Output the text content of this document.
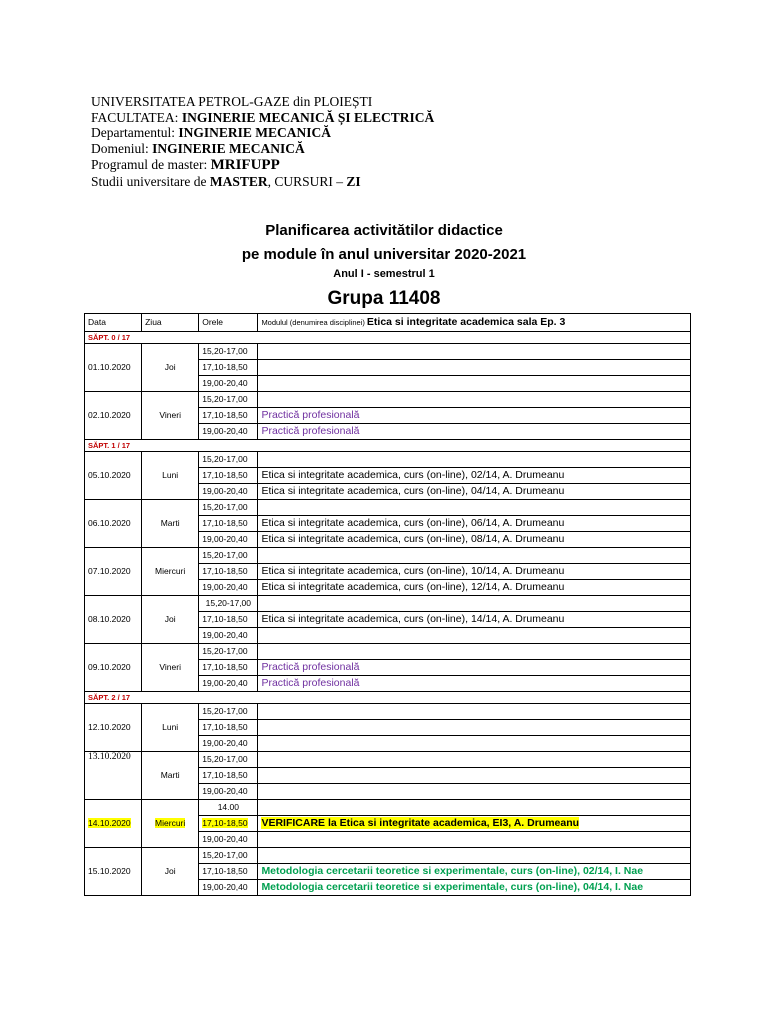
UNIVERSITATEA PETROL-GAZE din PLOIEȘTI
FACULTATEA: INGINERIE MECANICĂ ȘI ELECTRICĂ
Departamentul: INGINERIE MECANICĂ
Domeniul: INGINERIE MECANICĂ
Programul de master: MRIFUPP
Studii universitare de MASTER, CURSURI – ZI
Planificarea activitătilor didactice
pe module în anul universitar 2020-2021
Anul I - semestrul 1
Grupa 11408
Data	Ziua	Orele	Modulul (denumirea disciplinei) Etica si integritate academica sala Ep. 3
SĂPT. 0 / 17			
01.10.2020	Joi	15,20-17,00	
		17,10-18,50	
		19,00-20,40	
02.10.2020	Vineri	15,20-17,00	
		17,10-18,50	Practică profesională
		19,00-20,40	Practică profesională
SĂPT. 1 / 17			
05.10.2020	Luni	15,20-17,00	
		17,10-18,50	Etica si integritate academica, curs (on-line), 02/14, A. Drumeanu
		19,00-20,40	Etica si integritate academica, curs (on-line), 04/14, A. Drumeanu
06.10.2020	Marti	15,20-17,00	
		17,10-18,50	Etica si integritate academica, curs (on-line), 06/14, A. Drumeanu
		19,00-20,40	Etica si integritate academica, curs (on-line), 08/14, A. Drumeanu
07.10.2020	Miercuri	15,20-17,00	
		17,10-18,50	Etica si integritate academica, curs (on-line), 10/14, A. Drumeanu
		19,00-20,40	Etica si integritate academica, curs (on-line), 12/14, A. Drumeanu
08.10.2020	Joi	15,20-17,00	
		17,10-18,50	Etica si integritate academica, curs (on-line), 14/14, A. Drumeanu
		19,00-20,40	
09.10.2020	Vineri	15,20-17,00	
		17,10-18,50	Practică profesională
		19,00-20,40	Practică profesională
SĂPT. 2 / 17			
12.10.2020	Luni	15,20-17,00	
		17,10-18,50	
		19,00-20,40	
13.10.2020	Marti	15,20-17,00	
		17,10-18,50	
		19,00-20,40	
14.10.2020	Miercuri	14.00	
		17,10-18,50	VERIFICARE la Etica si integritate academica, EI3, A. Drumeanu
		19,00-20,40	
15.10.2020	Joi	15,20-17,00	
		17,10-18,50	Metodologia cercetarii teoretice si experimentale, curs (on-line), 02/14, I. Nae
		19,00-20,40	Metodologia cercetarii teoretice si experimentale, curs (on-line), 04/14, I. Nae
